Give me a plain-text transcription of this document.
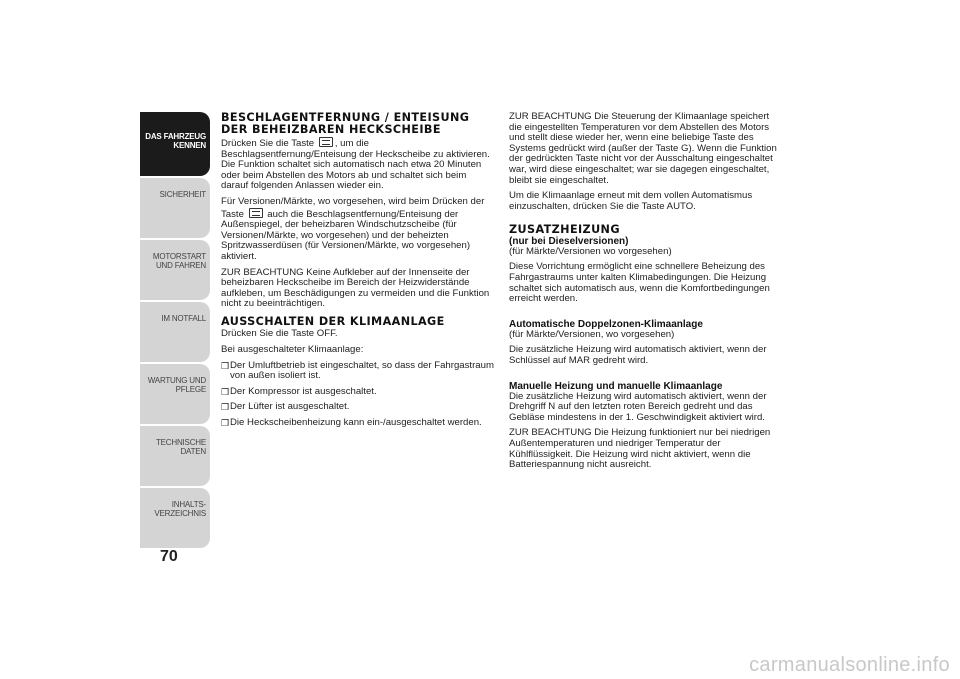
DAS FAHRZEUG KENNEN
SICHERHEIT
MOTORSTART UND FAHREN
IM NOTFALL
WARTUNG UND PFLEGE
TECHNISCHE DATEN
INHALTS-VERZEICHNIS
70
BESCHLAGENTFERNUNG / ENTEISUNG DER BEHEIZBAREN HECKSCHEIBE

Drücken Sie die Taste , um die Beschlagsentfernung/Enteisung der Heckscheibe zu aktivieren. Die Funktion schaltet sich automatisch nach etwa 20 Minuten oder beim Abstellen des Motors ab und schaltet sich beim darauf folgenden Anlassen wieder ein.

Für Versionen/Märkte, wo vorgesehen, wird beim Drücken der Taste auch die Beschlagsentfernung/Enteisung der Außenspiegel, der beheizbaren Windschutzscheibe (für Versionen/Märkte, wo vorgesehen) und der beheizten Spritzwasserdüsen (für Versionen/Märkte, wo vorgesehen) aktiviert.

ZUR BEACHTUNG Keine Aufkleber auf der Innenseite der beheizbaren Heckscheibe im Bereich der Heizwiderstände aufkleben, um Beschädigungen zu vermeiden und die Funktion nicht zu beeinträchtigen.

AUSSCHALTEN DER KLIMAANLAGE

Drücken Sie die Taste OFF.

Bei ausgeschalteter Klimaanlage:

❒ Der Umluftbetrieb ist eingeschaltet, so dass der Fahrgastraum von außen isoliert ist.
❒ Der Kompressor ist ausgeschaltet.
❒ Der Lüfter ist ausgeschaltet.
❒ Die Heckscheibenheizung kann ein-/ausgeschaltet werden.

ZUR BEACHTUNG Die Steuerung der Klimaanlage speichert die eingestellten Temperaturen vor dem Abstellen des Motors und stellt diese wieder her, wenn eine beliebige Taste des Systems gedrückt wird (außer der Taste G). Wenn die Funktion der gedrückten Taste nicht vor der Ausschaltung eingeschaltet war, wird diese eingeschaltet; war sie dagegen eingeschaltet, bleibt sie eingeschaltet.

Um die Klimaanlage erneut mit dem vollen Automatismus einzuschalten, drücken Sie die Taste AUTO.

ZUSATZHEIZUNG
(nur bei Dieselversionen)

(für Märkte/Versionen wo vorgesehen)

Diese Vorrichtung ermöglicht eine schnellere Beheizung des Fahrgastraums unter kalten Klimabedingungen. Die Heizung schaltet sich automatisch aus, wenn die Komfortbedingungen erreicht werden.

Automatische Doppelzonen-Klimaanlage

(für Märkte/Versionen, wo vorgesehen)

Die zusätzliche Heizung wird automatisch aktiviert, wenn der Schlüssel auf MAR gedreht wird.

Manuelle Heizung und manuelle Klimaanlage

Die zusätzliche Heizung wird automatisch aktiviert, wenn der Drehgriff N auf den letzten roten Bereich gedreht und das Gebläse mindestens in der 1. Geschwindigkeit aktiviert wird.

ZUR BEACHTUNG Die Heizung funktioniert nur bei niedrigen Außentemperaturen und niedriger Temperatur der Kühlflüssigkeit. Die Heizung wird nicht aktiviert, wenn die Batteriespannung nicht ausreicht.

carmanualsonline.info
